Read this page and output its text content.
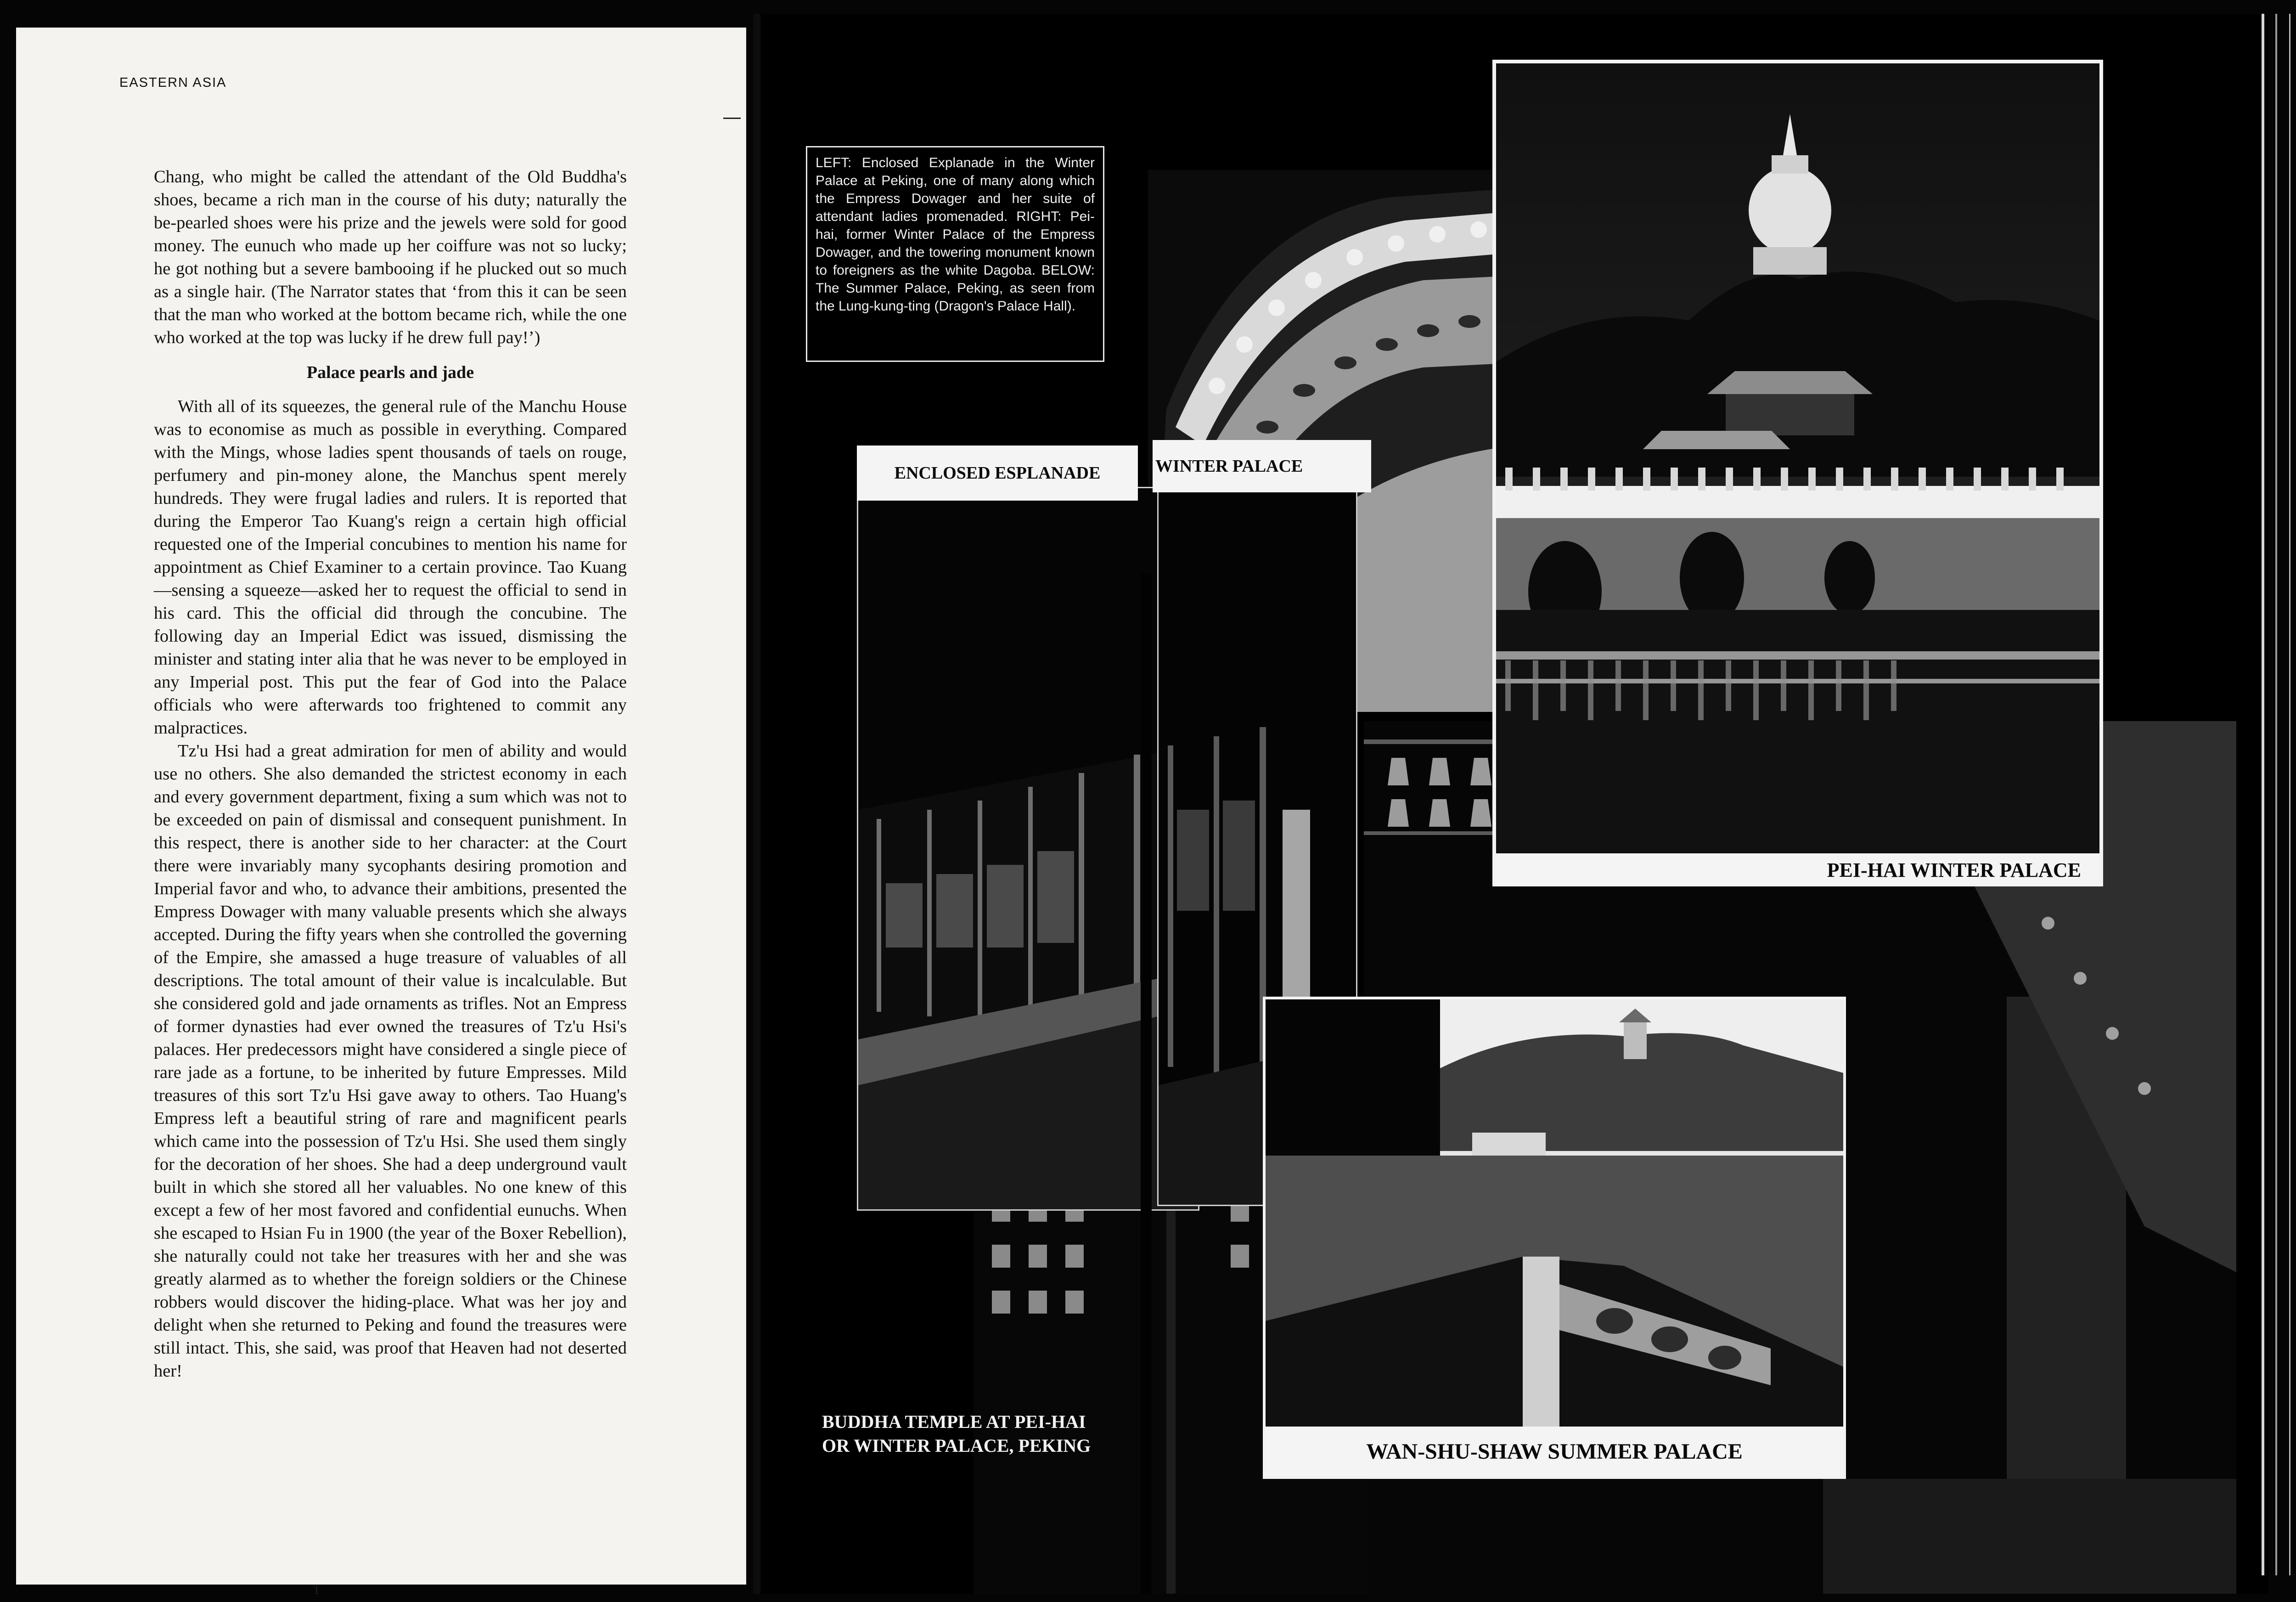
EASTERN ASIA

Chang, who might be called the attendant of the Old Buddha's shoes, became a rich man in the course of his duty; naturally the be-pearled shoes were his prize and the jewels were sold for good money. The eunuch who made up her coiffure was not so lucky; he got nothing but a severe bambooing if he plucked out so much as a single hair. (The Narrator states that ‘from this it can be seen that the man who worked at the bottom became rich, while the one who worked at the top was lucky if he drew full pay!’)

Palace pearls and jade

With all of its squeezes, the general rule of the Manchu House was to economise as much as possible in everything. Compared with the Mings, whose ladies spent thousands of taels on rouge, perfumery and pin-money alone, the Manchus spent merely hundreds. They were frugal ladies and rulers. It is reported that during the Emperor Tao Kuang's reign a certain high official requested one of the Imperial concubines to mention his name for appointment as Chief Examiner to a certain province. Tao Kuang—sensing a squeeze—asked her to request the official to send in his card. This the official did through the concubine. The following day an Imperial Edict was issued, dismissing the minister and stating inter alia that he was never to be employed in any Imperial post. This put the fear of God into the Palace officials who were afterwards too frightened to commit any malpractices.

Tz'u Hsi had a great admiration for men of ability and would use no others. She also demanded the strictest economy in each and every government department, fixing a sum which was not to be exceeded on pain of dismissal and consequent punishment. In this respect, there is another side to her character: at the Court there were invariably many sycophants desiring promotion and Imperial favor and who, to advance their ambitions, presented the Empress Dowager with many valuable presents which she always accepted. During the fifty years when she controlled the governing of the Empire, she amassed a huge treasure of valuables of all descriptions. The total amount of their value is incalculable. But she considered gold and jade ornaments as trifles. Not an Empress of former dynasties had ever owned the treasures of Tz'u Hsi's palaces. Her predecessors might have considered a single piece of rare jade as a fortune, to be inherited by future Empresses. Mild treasures of this sort Tz'u Hsi gave away to others. Tao Huang's Empress left a beautiful string of rare and magnificent pearls which came into the possession of Tz'u Hsi. She used them singly for the decoration of her shoes. She had a deep underground vault built in which she stored all her valuables. No one knew of this except a few of her most favored and confidential eunuchs. When she escaped to Hsian Fu in 1900 (the year of the Boxer Rebellion), she naturally could not take her treasures with her and she was greatly alarmed as to whether the foreign soldiers or the Chinese robbers would discover the hiding-place. What was her joy and delight when she returned to Peking and found the treasures were still intact. This, she said, was proof that Heaven had not deserted her!

1
ENCLOSED ESPLANADE	WINTER PALACE
PEI-HAI WINTER PALACE
WAN-SHU-SHAW SUMMER PALACE
LEFT: Enclosed Explanade in the Winter Palace at Peking, one of many along which the Empress Dowager and her suite of attendant ladies promenaded. RIGHT: Pei-hai, former Winter Palace of the Empress Dowager, and the towering monument known to foreigners as the white Dagoba. BELOW: The Summer Palace, Peking, as seen from the Lung-kung-ting (Dragon's Palace Hall).
BUDDHA TEMPLE AT PEI-HAI
OR WINTER PALACE, PEKING
